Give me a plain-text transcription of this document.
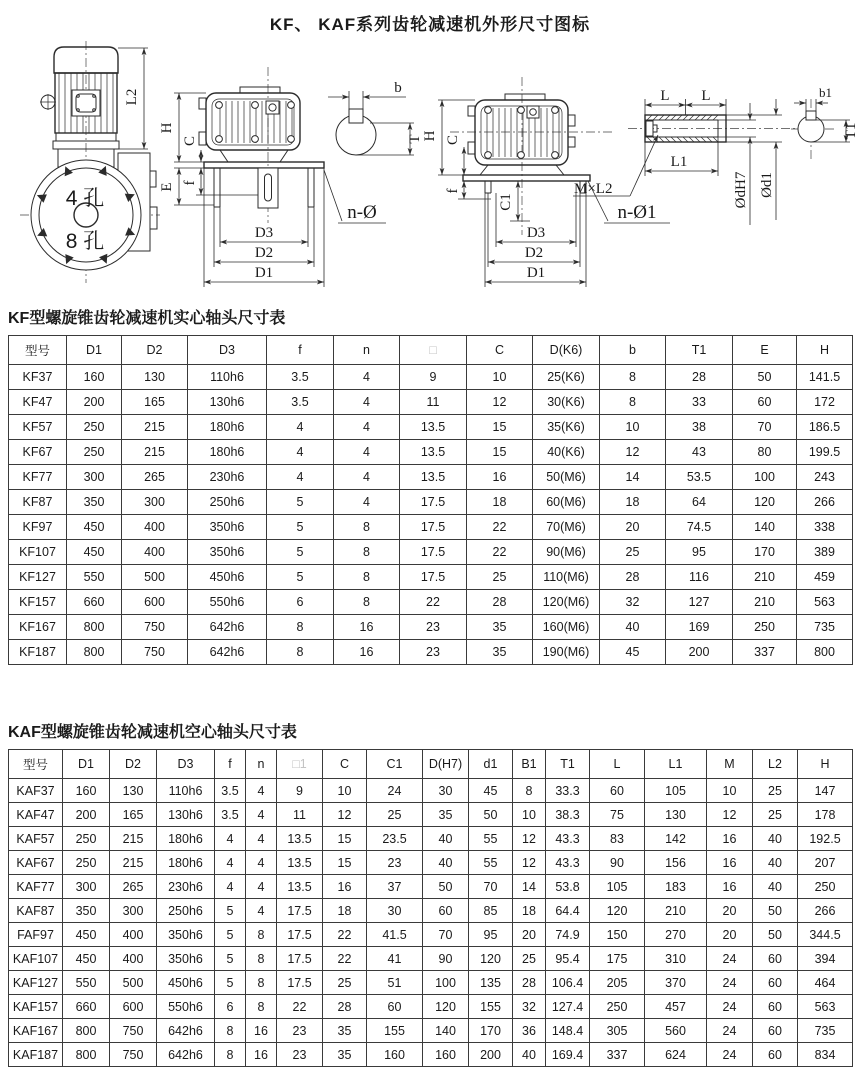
KF、 KAF系列齿轮减速机外形尺寸图标
4 孔
8 孔
L2
H
C
E f
D3
D2
D1
n-Ø
b
T H C
f
C1
D3
D2
D1
n-Ø1
L L
L1
M×L2	ØdH7 Ød1
b1
T1
KF型螺旋锥齿轮减速机实心轴头尺寸表
型号	D1	D2	D3	f	n	□	C	D(K6)	b	T1	E	H
KF37	160	130	110h6	3.5	4	9	10	25(K6)	8	28	50	141.5
KF47	200	165	130h6	3.5	4	11	12	30(K6)	8	33	60	172
KF57	250	215	180h6	4	4	13.5	15	35(K6)	10	38	70	186.5
KF67	250	215	180h6	4	4	13.5	15	40(K6)	12	43	80	199.5
KF77	300	265	230h6	4	4	13.5	16	50(M6)	14	53.5	100	243
KF87	350	300	250h6	5	4	17.5	18	60(M6)	18	64	120	266
KF97	450	400	350h6	5	8	17.5	22	70(M6)	20	74.5	140	338
KF107	450	400	350h6	5	8	17.5	22	90(M6)	25	95	170	389
KF127	550	500	450h6	5	8	17.5	25	110(M6)	28	116	210	459
KF157	660	600	550h6	6	8	22	28	120(M6)	32	127	210	563
KF167	800	750	642h6	8	16	23	35	160(M6)	40	169	250	735
KF187	800	750	642h6	8	16	23	35	190(M6)	45	200	337	800
KAF型螺旋锥齿轮减速机空心轴头尺寸表
型号	D1	D2	D3	f	n	□1	C	C1	D(H7)	d1	B1	T1	L	L1	M	L2	H
KAF37	160	130	110h6	3.5	4	9	10	24	30	45	8	33.3	60	105	10	25	147
KAF47	200	165	130h6	3.5	4	11	12	25	35	50	10	38.3	75	130	12	25	178
KAF57	250	215	180h6	4	4	13.5	15	23.5	40	55	12	43.3	83	142	16	40	192.5
KAF67	250	215	180h6	4	4	13.5	15	23	40	55	12	43.3	90	156	16	40	207
KAF77	300	265	230h6	4	4	13.5	16	37	50	70	14	53.8	105	183	16	40	250
KAF87	350	300	250h6	5	4	17.5	18	30	60	85	18	64.4	120	210	20	50	266
FAF97	450	400	350h6	5	8	17.5	22	41.5	70	95	20	74.9	150	270	20	50	344.5
KAF107	450	400	350h6	5	8	17.5	22	41	90	120	25	95.4	175	310	24	60	394
KAF127	550	500	450h6	5	8	17.5	25	51	100	135	28	106.4	205	370	24	60	464
KAF157	660	600	550h6	6	8	22	28	60	120	155	32	127.4	250	457	24	60	563
KAF167	800	750	642h6	8	16	23	35	155	140	170	36	148.4	305	560	24	60	735
KAF187	800	750	642h6	8	16	23	35	160	160	200	40	169.4	337	624	24	60	834
